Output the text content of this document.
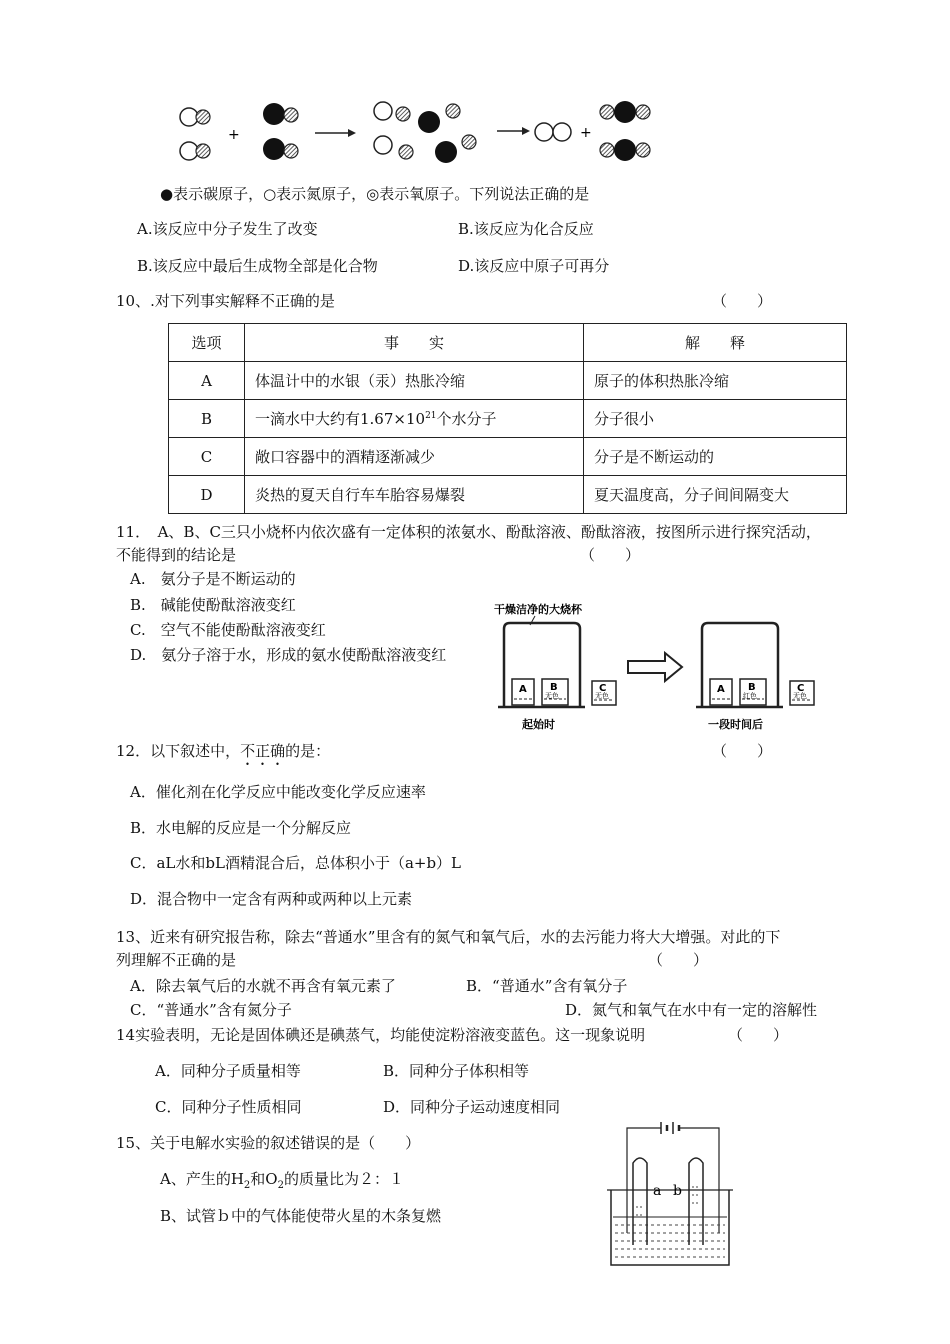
+	+
●表示碳原子，○表示氮原子，◎表示氧原子。下列说法正确的是
A.该反应中分子发生了改变	B.该反应为化合反应
B.该反应中最后生成物全部是化合物	D.该反应中原子可再分
10、.对下列事实解释不正确的是	（　　）
选项	事　　实	解　　释
A	体温计中的水银（汞）热胀冷缩	原子的体积热胀冷缩
B	一滴水中大约有$1.67\times 10^{21}$个水分子	分子很小
C	敞口容器中的酒精逐渐减少	分子是不断运动的
D	炎热的夏天自行车车胎容易爆裂	夏天温度高，分子间间隔变大
11．　A、B、C三只小烧杯内依次盛有一定体积的浓氨水、酚酞溶液、酚酞溶液，按图所示进行探究活动，
不能得到的结论是	（　　）
A.　氨分子是不断运动的
B.　碱能使酚酞溶液变红
C.　空气不能使酚酞溶液变红
D.　氨分子溶于水，形成的氨水使酚酞溶液变红
干燥洁净的大烧杯
A B
无色
C
无色
起始时
A B
红色
C
无色
一段时间后
12．以下叙述中，不正确的是：	（　　）
A．催化剂在化学反应中能改变化学反应速率
B．水电解的反应是一个分解反应
C．aL水和bL酒精混合后，总体积小于（a+b）L
D．混合物中一定含有两种或两种以上元素
13、近来有研究报告称，除去“普通水”里含有的氮气和氧气后，水的去污能力将大大增强。对此的下
列理解不正确的是	（　　）
A．除去氧气后的水就不再含有氧元素了	B．“普通水”含有氧分子
C．“普通水”含有氮分子	D．氮气和氧气在水中有一定的溶解性
14实验表明，无论是固体碘还是碘蒸气，均能使淀粉溶液变蓝色。这一现象说明	（　　）
A．同种分子质量相等	B．同种分子体积相等
C．同种分子性质相同	D．同种分子运动速度相同
15、关于电解水实验的叙述错误的是（　　）
A、产生的$H_2$和$O_2$的质量比为２：１
B、试管ｂ中的气体能使带火星的木条复燃
a b
